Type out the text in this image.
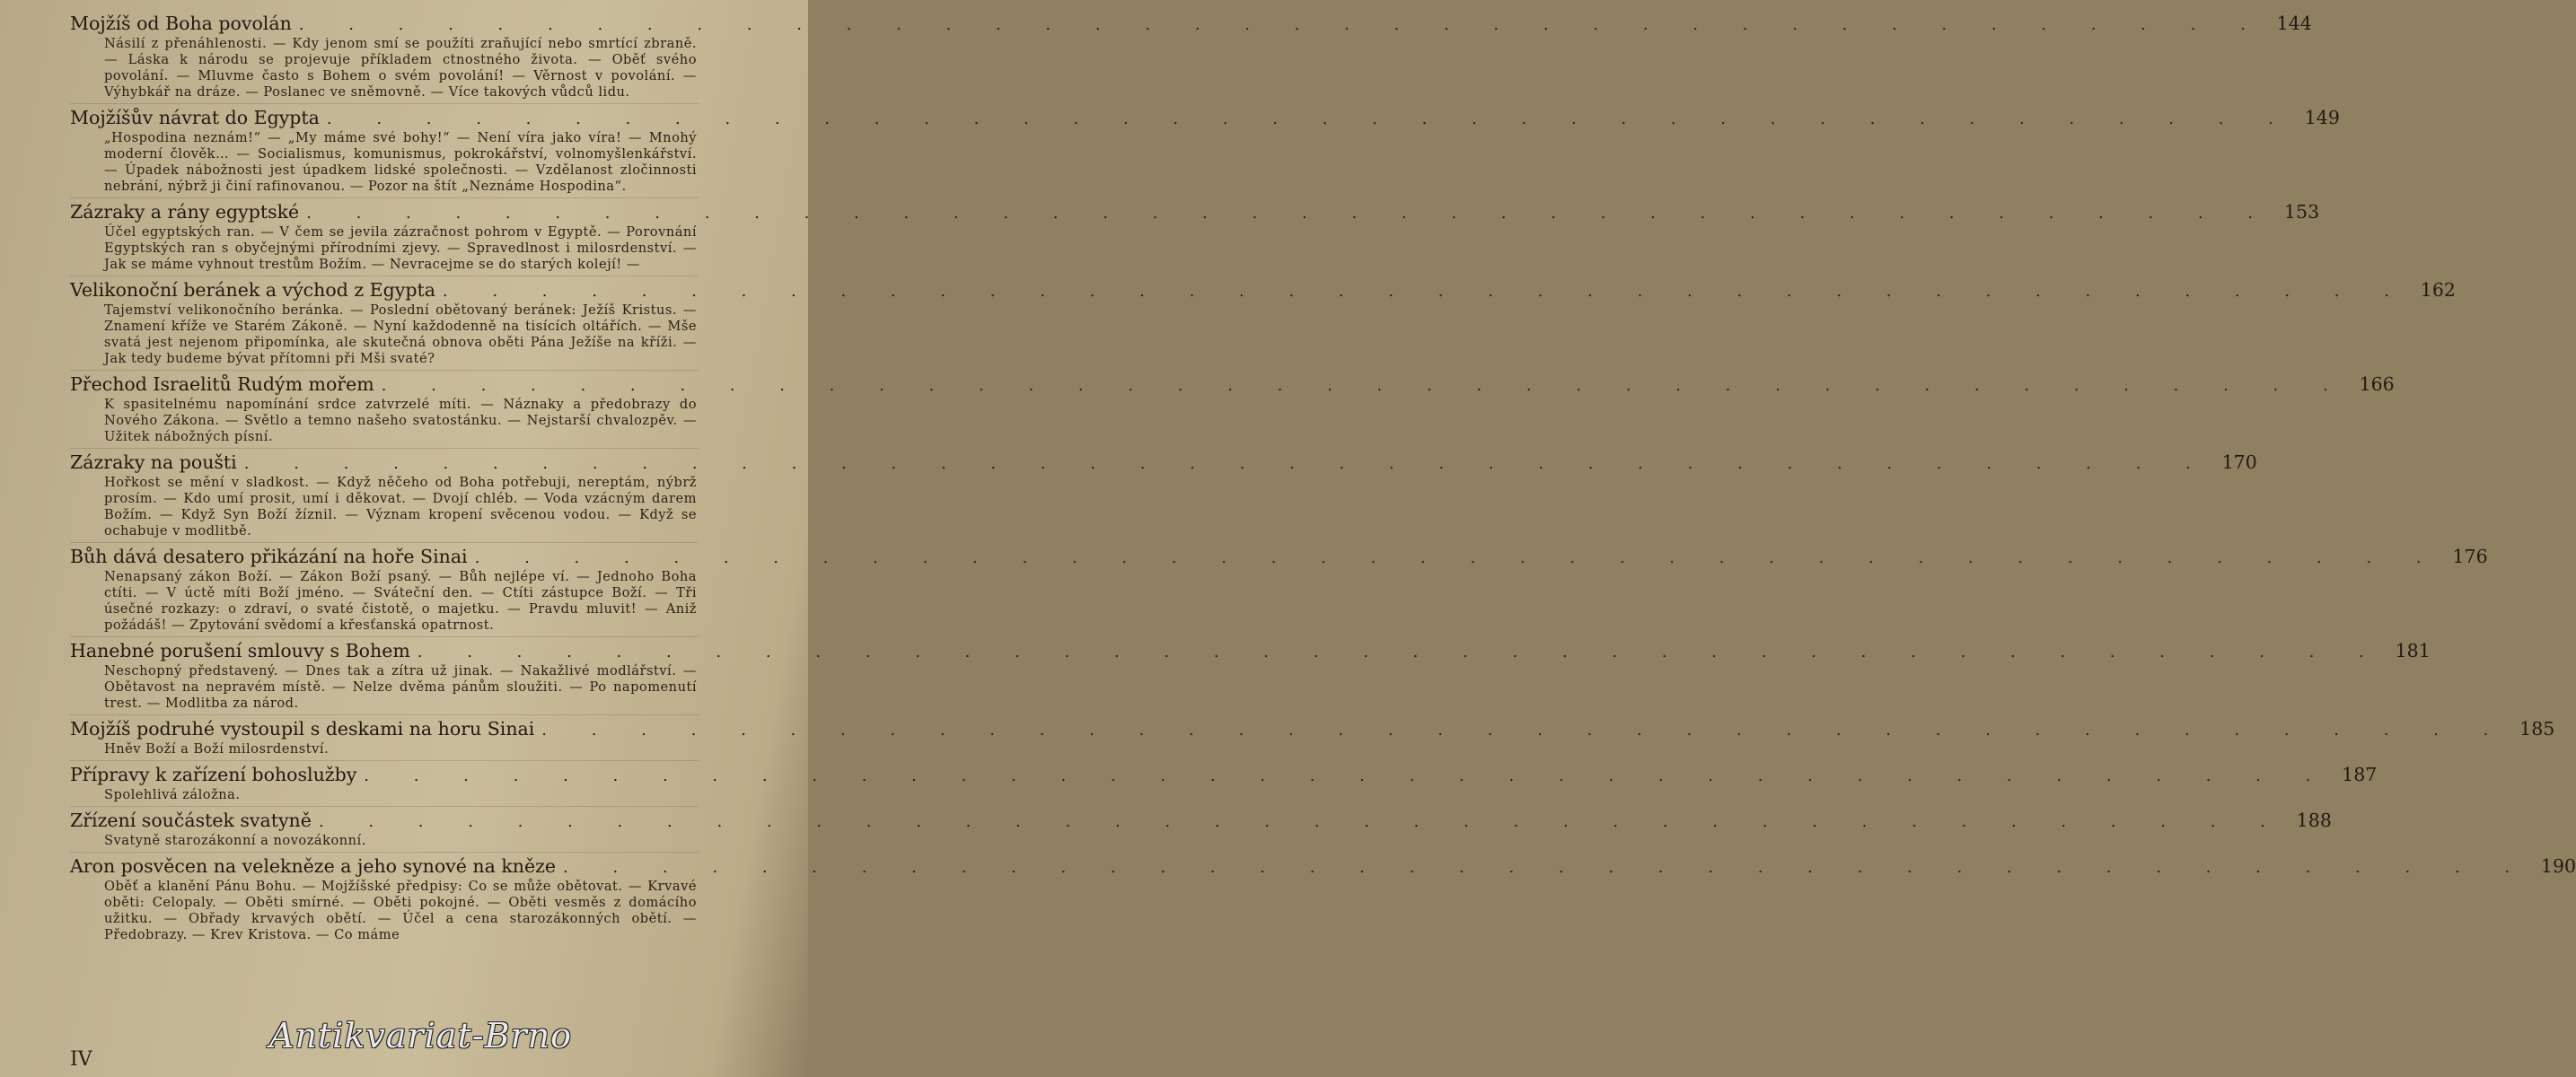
Mojžíš od Boha povolán . . . . . . . . . . . . . . . . . . . . . . . . . . . . . . . . . . . . . . . . 144
Násilí z přenáhlenosti. — Kdy jenom smí se použíti zraňující nebo smrtící zbraně. — Láska k národu se projevuje příkladem ctnostného života. — Oběť svého povolání. — Mluvme často s Bohem o svém povolání! — Věrnost v povolání. — Výhybkář na dráze. — Poslanec ve sněmovně. — Více takových vůdců lidu.
Mojžíšův návrat do Egypta . . . . . . . . . . . . . . . . . . . . . . . . . . . . . . . . . . . . . . . . 149
„Hospodina neznám!“ — „My máme své bohy!“ — Není víra jako víra! — Mnohý moderní člověk… — Socialismus, komunismus, pokrokářství, volnomyšlenkářství. — Úpadek nábožnosti jest úpadkem lidské společnosti. — Vzdělanost zločinnosti nebrání, nýbrž ji činí rafinovanou. — Pozor na štít „Neznáme Hospodina“.
Zázraky a rány egyptské . . . . . . . . . . . . . . . . . . . . . . . . . . . . . . . . . . . . . . . . 153
Účel egyptských ran. — V čem se jevila zázračnost pohrom v Egyptě. — Porovnání Egyptských ran s obyčejnými přírodními zjevy. — Spravedlnost i milosrdenství. — Jak se máme vyhnout trestům Božím. — Nevracejme se do starých kolejí! —
Velikonoční beránek a východ z Egypta . . . . . . . . . . . . . . . . . . . . . . . . . . . . . . . . . . . . . . . . 162
Tajemství velikonočního beránka. — Poslední obětovaný beránek: Ježíš Kristus. — Znamení kříže ve Starém Zákoně. — Nyní každodenně na tisících oltářích. — Mše svatá jest nejenom připomínka, ale skutečná obnova oběti Pána Ježíše na kříži. — Jak tedy budeme bývat přítomni při Mši svaté?
Přechod Israelitů Rudým mořem . . . . . . . . . . . . . . . . . . . . . . . . . . . . . . . . . . . . . . . . 166
K spasitelnému napomínání srdce zatvrzelé míti. — Náznaky a předobrazy do Nového Zákona. — Světlo a temno našeho svatostánku. — Nejstarší chvalozpěv. — Užitek nábožných písní.
Zázraky na poušti . . . . . . . . . . . . . . . . . . . . . . . . . . . . . . . . . . . . . . . . 170
Hořkost se mění v sladkost. — Když něčeho od Boha potřebuji, nereptám, nýbrž prosím. — Kdo umí prosit, umí i děkovat. — Dvojí chléb. — Voda vzácným darem Božím. — Když Syn Boží žíznil. — Význam kropení svěcenou vodou. — Když se ochabuje v modlitbě.
Bůh dává desatero přikázání na hoře Sinai . . . . . . . . . . . . . . . . . . . . . . . . . . . . . . . . . . . . . . . . 176
Nenapsaný zákon Boží. — Zákon Boží psaný. — Bůh nejlépe ví. — Jednoho Boha ctíti. — V úctě míti Boží jméno. — Sváteční den. — Ctíti zástupce Boží. — Tři úsečné rozkazy: o zdraví, o svaté čistotě, o majetku. — Pravdu mluvit! — Aniž požádáš! — Zpytování svědomí a křesťanská opatrnost.
Hanebné porušení smlouvy s Bohem . . . . . . . . . . . . . . . . . . . . . . . . . . . . . . . . . . . . . . . . 181
Neschopný představený. — Dnes tak a zítra už jinak. — Nakažlivé modlářství. — Obětavost na nepravém místě. — Nelze dvěma pánům sloužiti. — Po napomenutí trest. — Modlitba za národ.
Mojžíš podruhé vystoupil s deskami na horu Sinai . . . . . . . . . . . . . . . . . . . . . . . . . . . . . . . . . . . . . . . . 185
Hněv Boží a Boží milosrdenství.
Přípravy k zařízení bohoslužby . . . . . . . . . . . . . . . . . . . . . . . . . . . . . . . . . . . . . . . . 187
Spolehlivá záložna.
Zřízení součástek svatyně . . . . . . . . . . . . . . . . . . . . . . . . . . . . . . . . . . . . . . . . 188
Svatyně starozákonní a novozákonní.
Aron posvěcen na velekněze a jeho synové na kněze . . . . . . . . . . . . . . . . . . . . . . . . . . . . . . . . . . . . . . . . 190
Oběť a klanění Pánu Bohu. — Mojžíšské předpisy: Co se může obětovat. — Krvavé oběti: Celopaly. — Oběti smírné. — Oběti pokojné. — Oběti vesměs z domácího užitku. — Obřady krvavých obětí. — Účel a cena starozákonných obětí. — Předobrazy. — Krev Kristova. — Co máme
Antikvariat-Brno
IV
